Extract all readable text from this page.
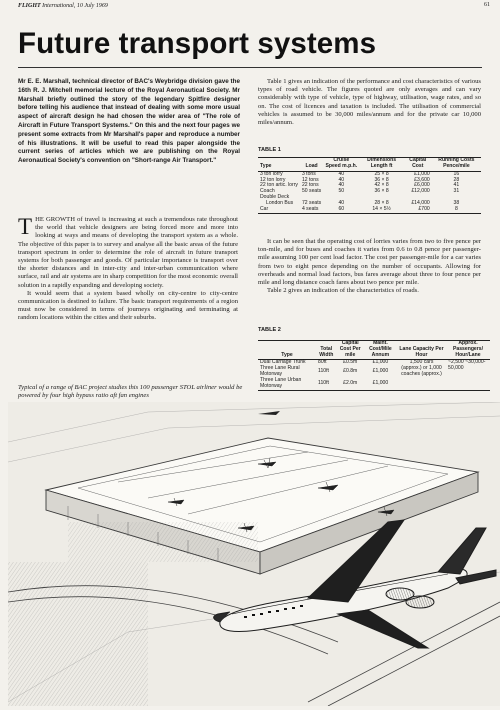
FLIGHT International, 10 July 1969	61
Future transport systems
Mr E. E. Marshall, technical director of BAC's Weybridge division gave the 16th R. J. Mitchell memorial lecture of the Royal Aeronautical Society. Mr Marshall briefly outlined the story of the legendary Spitfire designer before telling his audience that instead of dealing with some more usual aspect of aircraft design he had chosen the wider area of "The role of Aircraft in Future Transport Systems." On this and the next four pages we present some extracts from Mr Marshall's paper and reproduce a number of his illustrations. It will be useful to read this paper alongside the current series of articles which we are publishing on the Royal Aeronautical Society's convention on "Short-range Air Transport."

THE GROWTH of travel is increasing at such a tremendous rate throughout the world that vehicle designers are being forced more and more into looking at ways and means of developing the transport system as a whole. The objective of this paper is to survey and analyse all the basic areas of the future transport spectrum in order to determine the role of aircraft in future transport systems for both passenger and goods. Of particular importance is transport over the shorter distances and in inter-city and inter-urban communication where surface, rail and air systems are in sharp competition for the most economic overall solution in a rapidly expanding and developing society.

It would seem that a system based wholly on city-centre to city-centre communication is destined to failure. The basic transport requirements of a region must now be considered in terms of journeys originating and terminating at random locations within the cities and their suburbs.

Typical of a range of BAC project studies this 100 passenger STOL airliner would be powered by four high bypass ratio aft fan engines

Table 1 gives an indication of the performance and cost characteristics of various types of road vehicle. The figures quoted are only averages and can vary considerably with type of vehicle, type of highway, utilisation, wage rates, and so on. The cost of licences and taxation is included. The utilisation of commercial vehicles is assumed to be 30,000 miles/annum and for the private car 10,000 miles/annum.

TABLE 1
Type	Load	Cruise Speed m.p.h.	Dimensions Length ft	Capital Cost	Running Costs Pence/mile
3 ton lorry	3 tons	40	25 × 8	£1,000	16
12 ton lorry	12 tons	40	36 × 8	£3,600	28
22 ton artic. lorry	22 tons	40	42 × 8	£6,000	41
Coach	50 seats	50	36 × 8	£12,000	31
Double Deck					
London Bus	72 seats	40	28 × 8	£14,000	38
Car	4 seats	60	14 × 5½	£700	8

It can be seen that the operating cost of lorries varies from two to five pence per ton-mile, and for buses and coaches it varies from 0.6 to 0.8 pence per passenger-mile assuming 100 per cent load factor. The cost per passenger-mile for a car varies from two to eight pence depending on the number of occupants. Allowing for overheads and normal load factors, bus fares average about three to four pence per mile and long distance coach fares about two pence per mile.

Table 2 gives an indication of the characteristics of roads.

TABLE 2
Type	Total Width	Capital Cost Per mile	Maint. Cost/Mile Annum	Lane Capacity Per Hour	Approx. Passengers/ Hour/Lane
Dual Carriage Trunk	80ft	£0.5m	£1,000	1,500 cars (approx.) or 1,000 coaches (approx.)	~2,500 ~30,000-50,000
Three Lane Rural Motorway	110ft	£0.8m	£1,000		
Three Lane Urban Motorway	110ft	£2.0m	£1,000		
